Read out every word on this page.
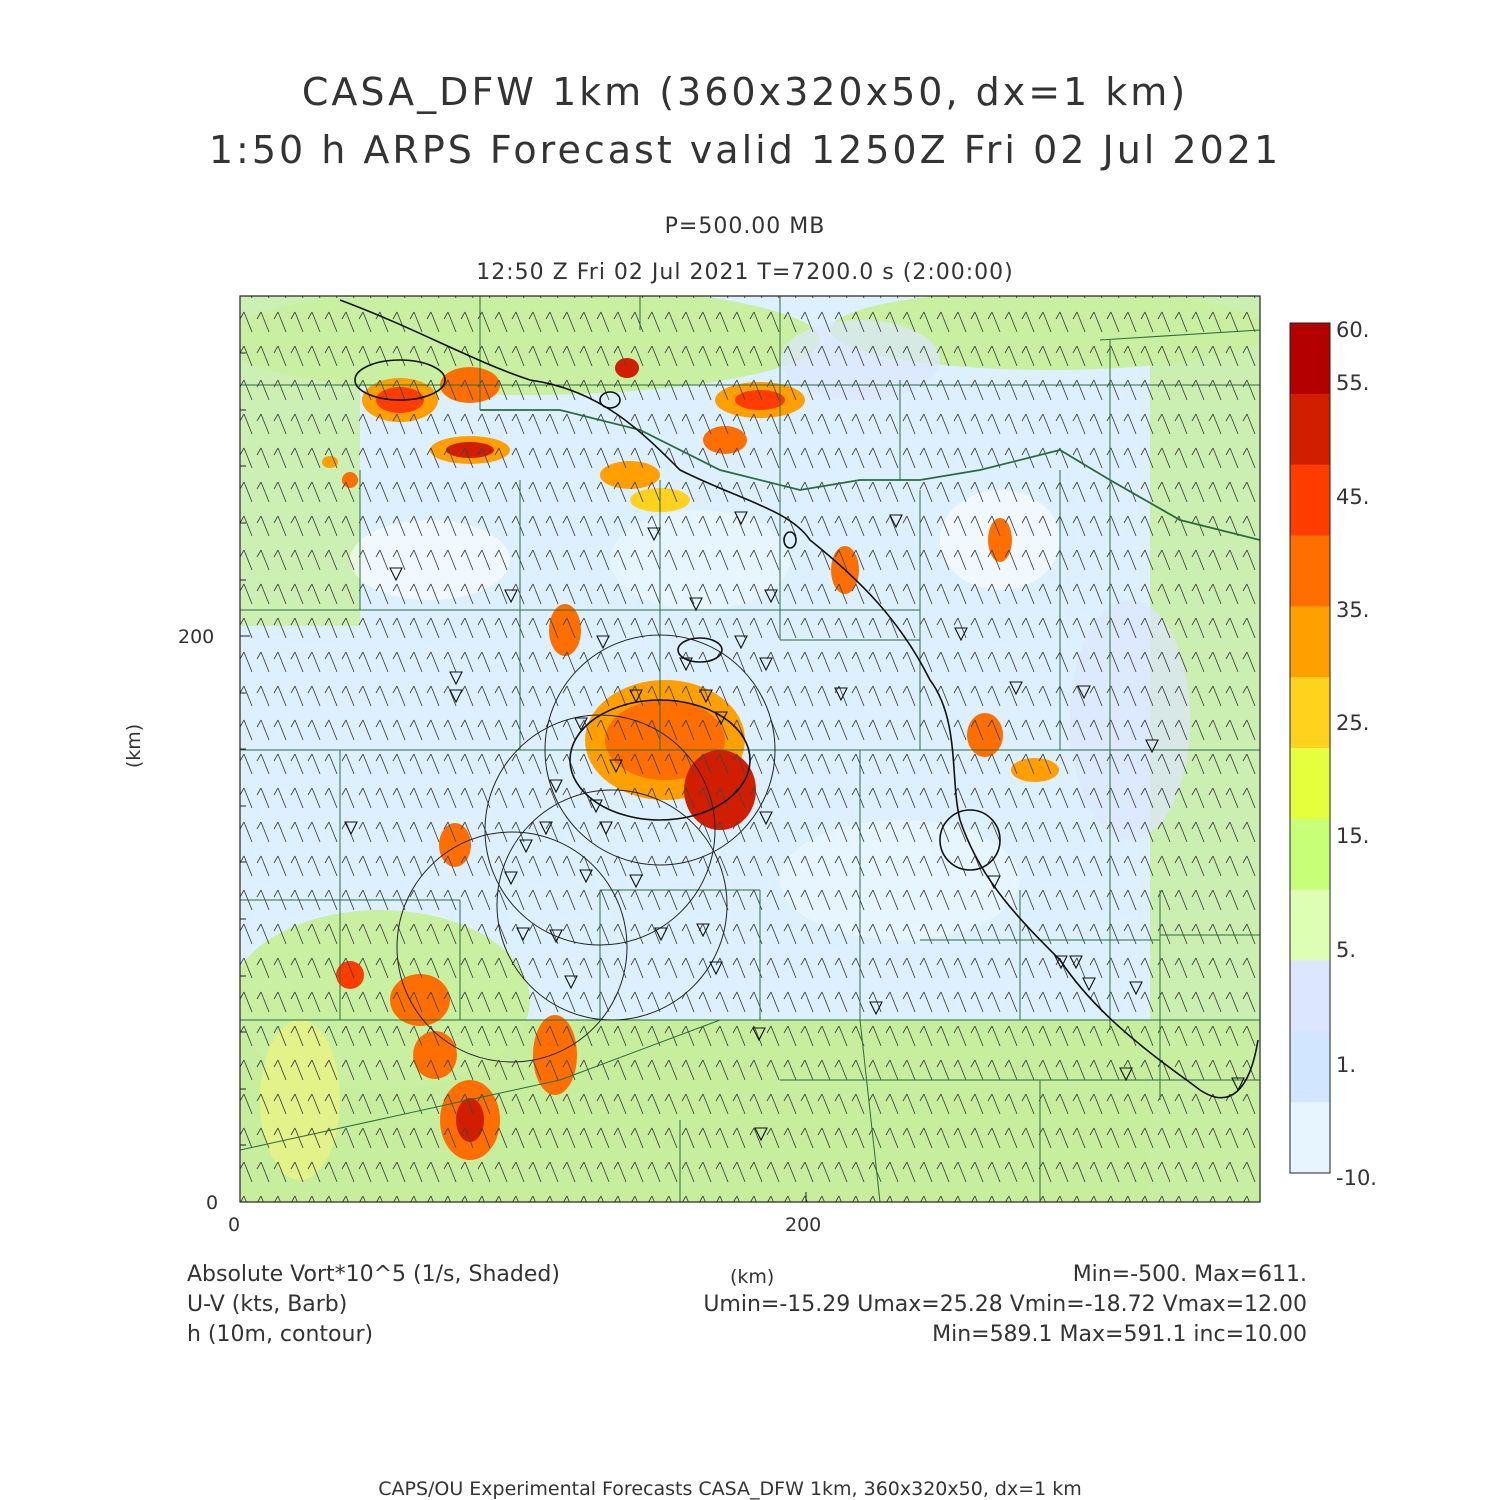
CASA_DFW 1km (360x320x50, dx=1 km)
1:50 h ARPS Forecast valid 1250Z Fri 02 Jul 2021
P=500.00 MB
12:50 Z Fri 02 Jul 2021 T=7200.0 s (2:00:00)
0	200
0
200
(km)
(km)
60.
55.
45.
35.
25.
15.
5.
1.
-10.
Absolute Vort*10^5 (1/s, Shaded)	Min=-500. Max=611.
U-V (kts, Barb)	Umin=-15.29 Umax=25.28 Vmin=-18.72 Vmax=12.00
h (10m, contour)	Min=589.1 Max=591.1 inc=10.00
CAPS/OU Experimental Forecasts CASA_DFW 1km, 360x320x50, dx=1 km
